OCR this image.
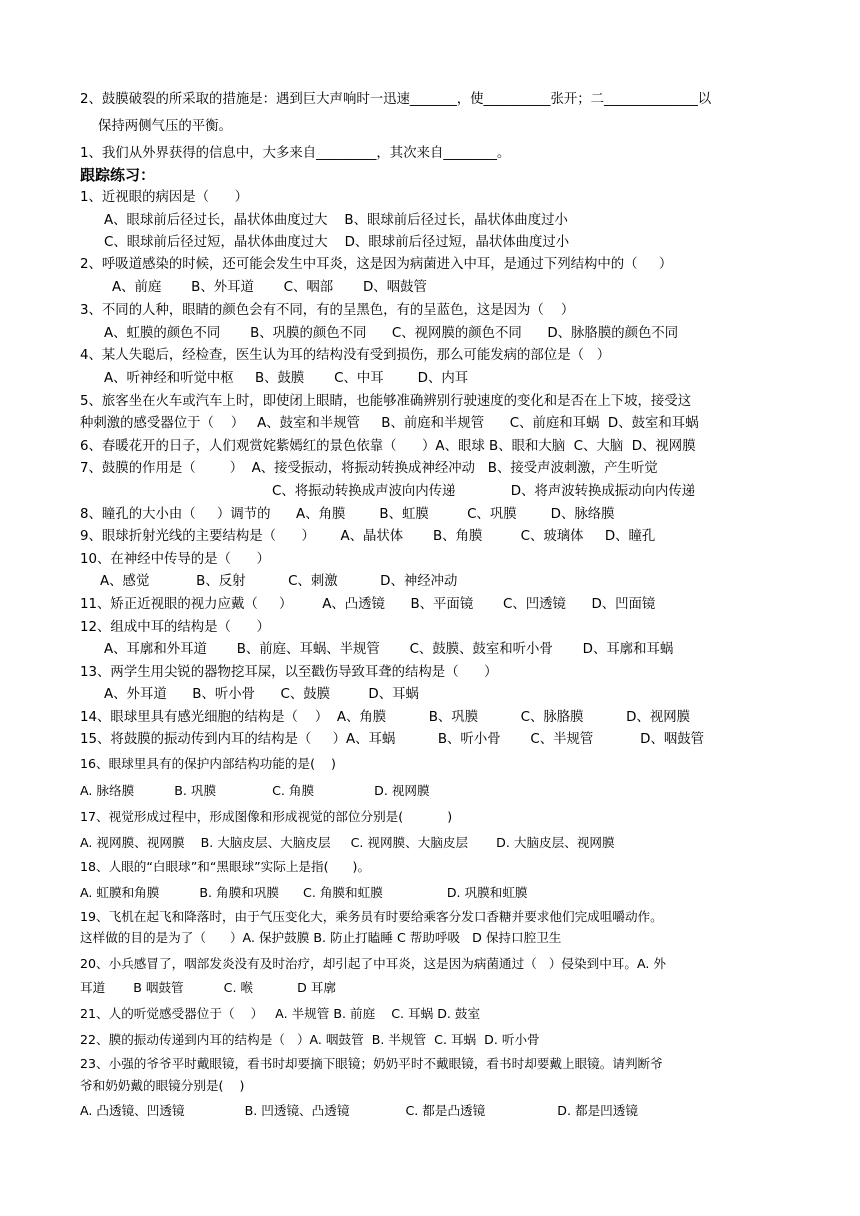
2、鼓膜破裂的所采取的措施是：遇到巨大声响时一迅速_______，使__________张开；二______________以
保持两侧气压的平衡。
1、我们从外界获得的信息中，大多来自_________，其次来自________。
跟踪练习：
1、近视眼的病因是（      ）
A、眼球前后径过长，晶状体曲度过大    B、眼球前后径过长，晶状体曲度过小
C、眼球前后径过短，晶状体曲度过大    D、眼球前后径过短，晶状体曲度过小
2、呼吸道感染的时候，还可能会发生中耳炎，这是因为病菌进入中耳，是通过下列结构中的（     ）
A、前庭       B、外耳道       C、咽部       D、咽鼓管
3、不同的人种，眼睛的颜色会有不同，有的呈黑色，有的呈蓝色，这是因为（    ）
A、虹膜的颜色不同       B、巩膜的颜色不同      C、视网膜的颜色不同      D、脉胳膜的颜色不同
4、某人失聪后，经检查，医生认为耳的结构没有受到损伤，那么可能发病的部位是（   ）
A、听神经和听觉中枢     B、鼓膜       C、中耳        D、内耳
5、旅客坐在火车或汽车上时，即使闭上眼睛，也能够准确辨别行驶速度的变化和是否在上下坡，接受这
种刺激的感受器位于（    ）   A、鼓室和半规管     B、前庭和半规管      C、前庭和耳蜗  D、鼓室和耳蜗
6、春暖花开的日子，人们观赏姹紫嫣红的景色依靠（      ）A、眼球 B、眼和大脑  C、大脑  D、视网膜
7、鼓膜的作用是（        ）  A、接受振动，将振动转换成神经冲动   B、接受声波刺激，产生听觉
C、将振动转换成声波向内传递             D、将声波转换成振动向内传递
8、瞳孔的大小由（     ）调节的      A、角膜        B、虹膜         C、巩膜        D、脉络膜
9、眼球折射光线的主要结构是（      ）      A、晶状体       B、角膜         C、玻璃体     D、瞳孔
10、在神经中传导的是（      ）
A、感觉           B、反射          C、刺激          D、神经冲动
11、矫正近视眼的视力应戴（     ）       A、凸透镜      B、平面镜       C、凹透镜      D、凹面镜
12、组成中耳的结构是（      ）
A、耳廓和外耳道       B、前庭、耳蜗、半规管       C、鼓膜、鼓室和听小骨       D、耳廓和耳蜗
13、两学生用尖锐的器物挖耳屎，以至戳伤导致耳聋的结构是（      ）
A、外耳道      B、听小骨      C、鼓膜         D、耳蜗
14、眼球里具有感光细胞的结构是（    ）  A、角膜          B、巩膜          C、脉胳膜          D、视网膜
15、将鼓膜的振动传到内耳的结构是（     ）A、耳蜗          B、听小骨       C、半规管           D、咽鼓管
16、眼球里具有的保护内部结构功能的是(    )
A. 脉络膜          B. 巩膜              C. 角膜               D. 视网膜
17、视觉形成过程中，形成图像和形成视觉的部位分别是(           )
A. 视网膜、视网膜    B. 大脑皮层、大脑皮层     C. 视网膜、大脑皮层       D. 大脑皮层、视网膜
18、人眼的“白眼球”和“黑眼球”实际上是指(      )。
A. 虹膜和角膜          B. 角膜和巩膜      C. 角膜和虹膜                D. 巩膜和虹膜
19、飞机在起飞和降落时，由于气压变化大，乘务员有时要给乘客分发口香糖并要求他们完成咀嚼动作。
这样做的目的是为了（      ）A. 保护鼓膜 B. 防止打瞌睡 C 帮助呼吸   D 保持口腔卫生
20、小兵感冒了，咽部发炎没有及时治疗，却引起了中耳炎，这是因为病菌通过（   ）侵染到中耳。A. 外
耳道       B 咽鼓管          C. 喉           D 耳廓
21、人的听觉感受器位于（    ）   A. 半规管 B. 前庭    C. 耳蜗 D. 鼓室
22、膜的振动传递到内耳的结构是（   ）A. 咽鼓管  B. 半规管  C. 耳蜗  D. 听小骨
23、小强的爷爷平时戴眼镜，看书时却要摘下眼镜；奶奶平时不戴眼镜，看书时却要戴上眼镜。请判断爷
爷和奶奶戴的眼镜分别是(    )
A. 凸透镜、凹透镜               B. 凹透镜、凸透镜              C. 都是凸透镜                  D. 都是凹透镜
